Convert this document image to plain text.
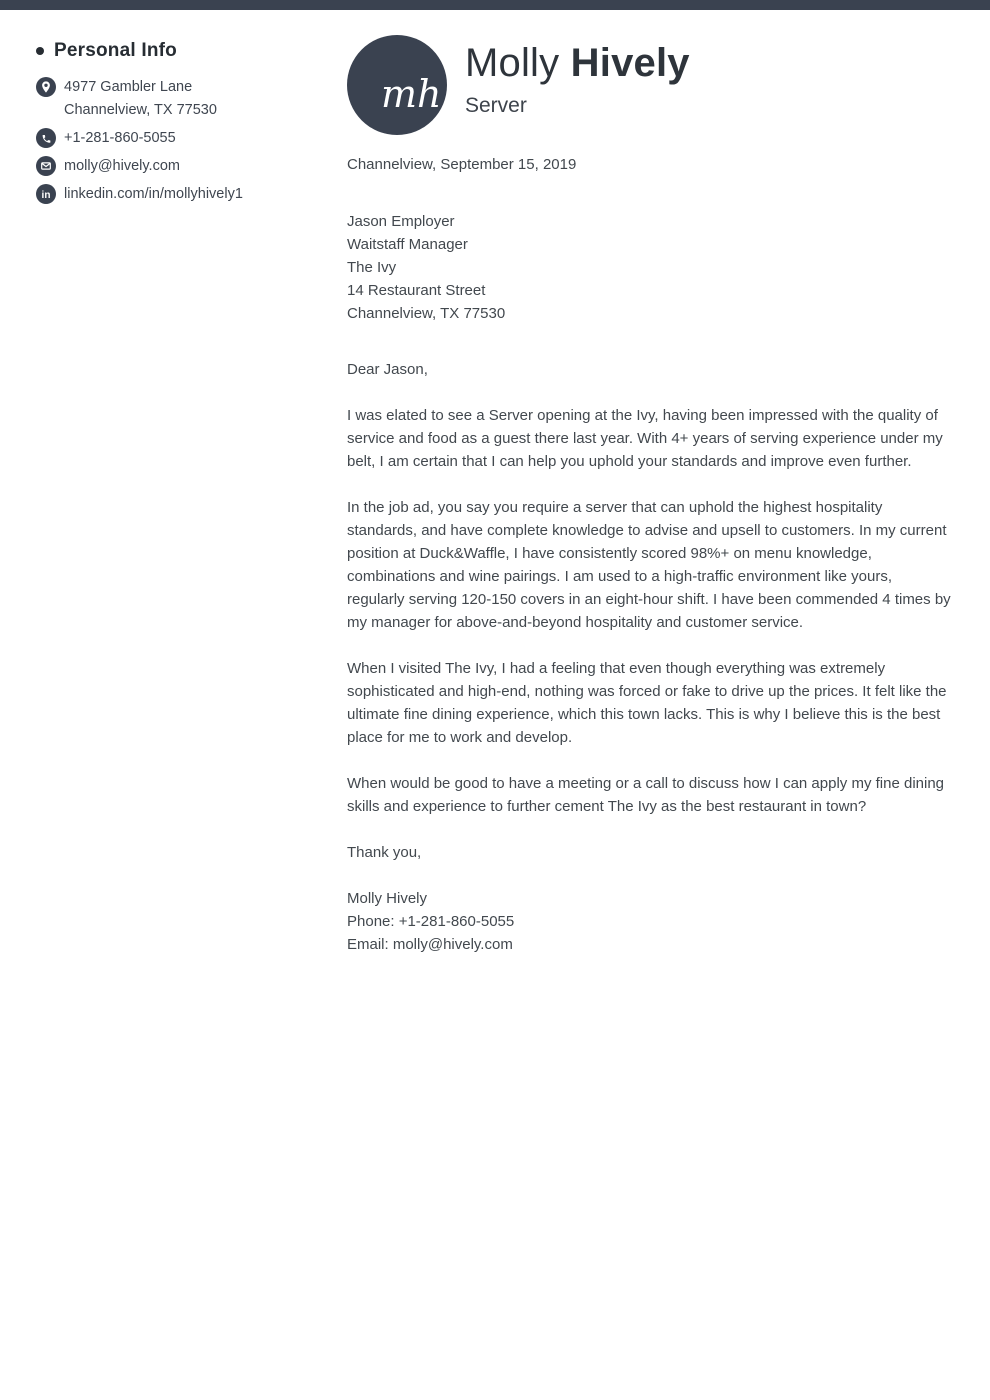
Personal Info
4977 Gambler Lane
Channelview, TX 77530
+1-281-860-5055
molly@hively.com
in linkedin.com/in/mollyhively1
mh
Molly Hively
Server
Channelview, September 15, 2019
Jason Employer
Waitstaff Manager
The Ivy
14 Restaurant Street
Channelview, TX 77530
Dear Jason,

I was elated to see a Server opening at the Ivy, having been impressed with the quality of service and food as a guest there last year. With 4+ years of serving experience under my belt, I am certain that I can help you uphold your standards and improve even further.

In the job ad, you say you require a server that can uphold the highest hospitality standards, and have complete knowledge to advise and upsell to customers. In my current position at Duck&Waffle, I have consistently scored 98%+ on menu knowledge, combinations and wine pairings. I am used to a high-traffic environment like yours, regularly serving 120-150 covers in an eight-hour shift. I have been commended 4 times by my manager for above-and-beyond hospitality and customer service.

When I visited The Ivy, I had a feeling that even though everything was extremely sophisticated and high-end, nothing was forced or fake to drive up the prices. It felt like the ultimate fine dining experience, which this town lacks. This is why I believe this is the best place for me to work and develop.

When would be good to have a meeting or a call to discuss how I can apply my fine dining skills and experience to further cement The Ivy as the best restaurant in town?

Thank you,

Molly Hively
Phone: +1-281-860-5055
Email: molly@hively.com
